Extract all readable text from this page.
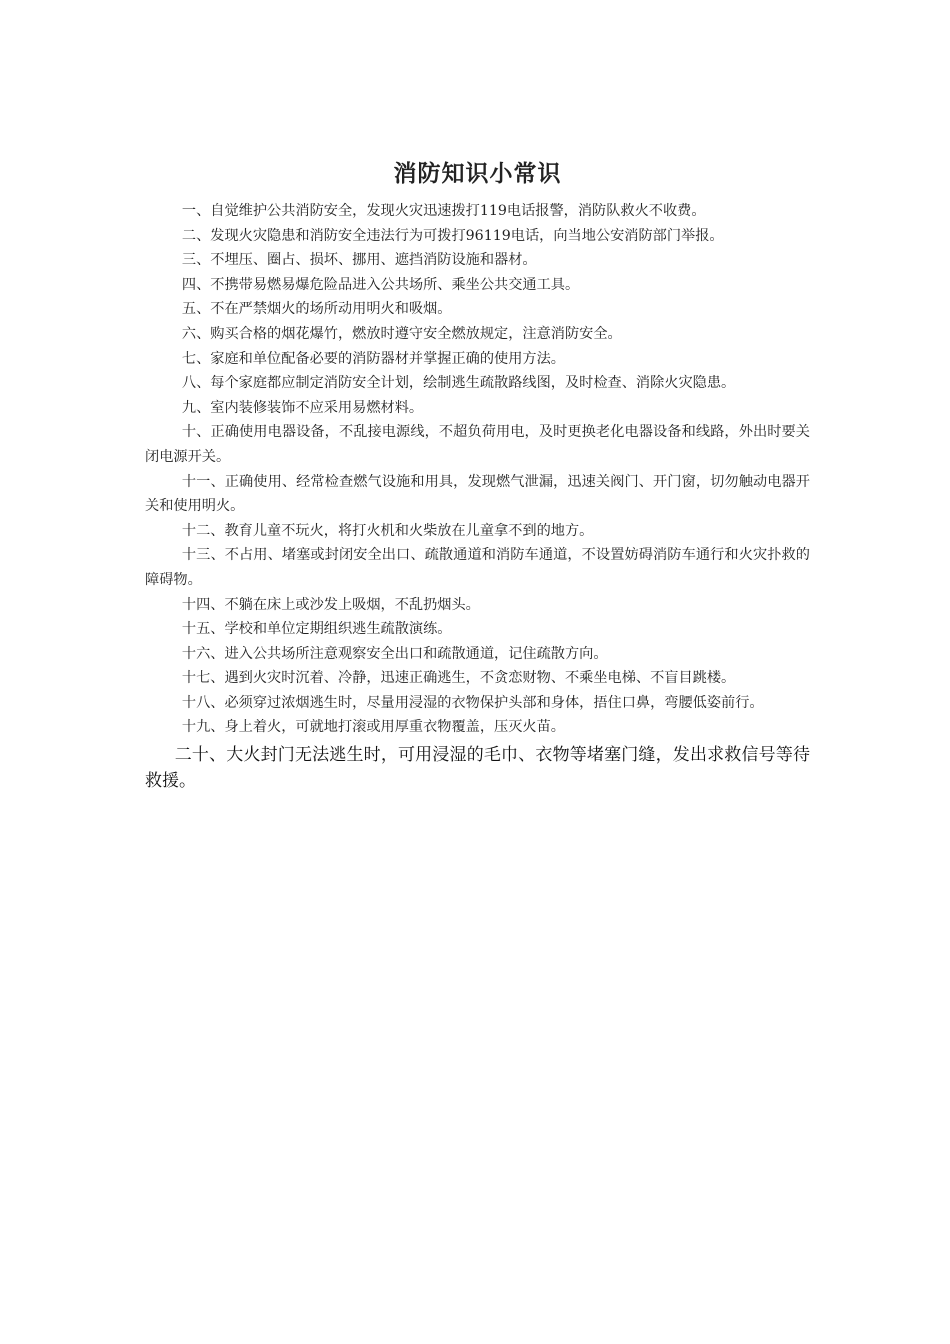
消防知识小常识

一、自觉维护公共消防安全，发现火灾迅速拨打119电话报警，消防队救火不收费。

二、发现火灾隐患和消防安全违法行为可拨打96119电话，向当地公安消防部门举报。

三、不埋压、圈占、损坏、挪用、遮挡消防设施和器材。

四、不携带易燃易爆危险品进入公共场所、乘坐公共交通工具。

五、不在严禁烟火的场所动用明火和吸烟。

六、购买合格的烟花爆竹，燃放时遵守安全燃放规定，注意消防安全。

七、家庭和单位配备必要的消防器材并掌握正确的使用方法。

八、每个家庭都应制定消防安全计划，绘制逃生疏散路线图，及时检查、消除火灾隐患。

九、室内装修装饰不应采用易燃材料。

十、正确使用电器设备，不乱接电源线，不超负荷用电，及时更换老化电器设备和线路，外出时要关闭电源开关。

十一、正确使用、经常检查燃气设施和用具，发现燃气泄漏，迅速关阀门、开门窗，切勿触动电器开关和使用明火。

十二、教育儿童不玩火，将打火机和火柴放在儿童拿不到的地方。

十三、不占用、堵塞或封闭安全出口、疏散通道和消防车通道，不设置妨碍消防车通行和火灾扑救的障碍物。

十四、不躺在床上或沙发上吸烟，不乱扔烟头。

十五、学校和单位定期组织逃生疏散演练。

十六、进入公共场所注意观察安全出口和疏散通道，记住疏散方向。

十七、遇到火灾时沉着、冷静，迅速正确逃生，不贪恋财物、不乘坐电梯、不盲目跳楼。

十八、必须穿过浓烟逃生时，尽量用浸湿的衣物保护头部和身体，捂住口鼻，弯腰低姿前行。

十九、身上着火，可就地打滚或用厚重衣物覆盖，压灭火苗。

二十、大火封门无法逃生时，可用浸湿的毛巾、衣物等堵塞门缝，发出求救信号等待救援。
